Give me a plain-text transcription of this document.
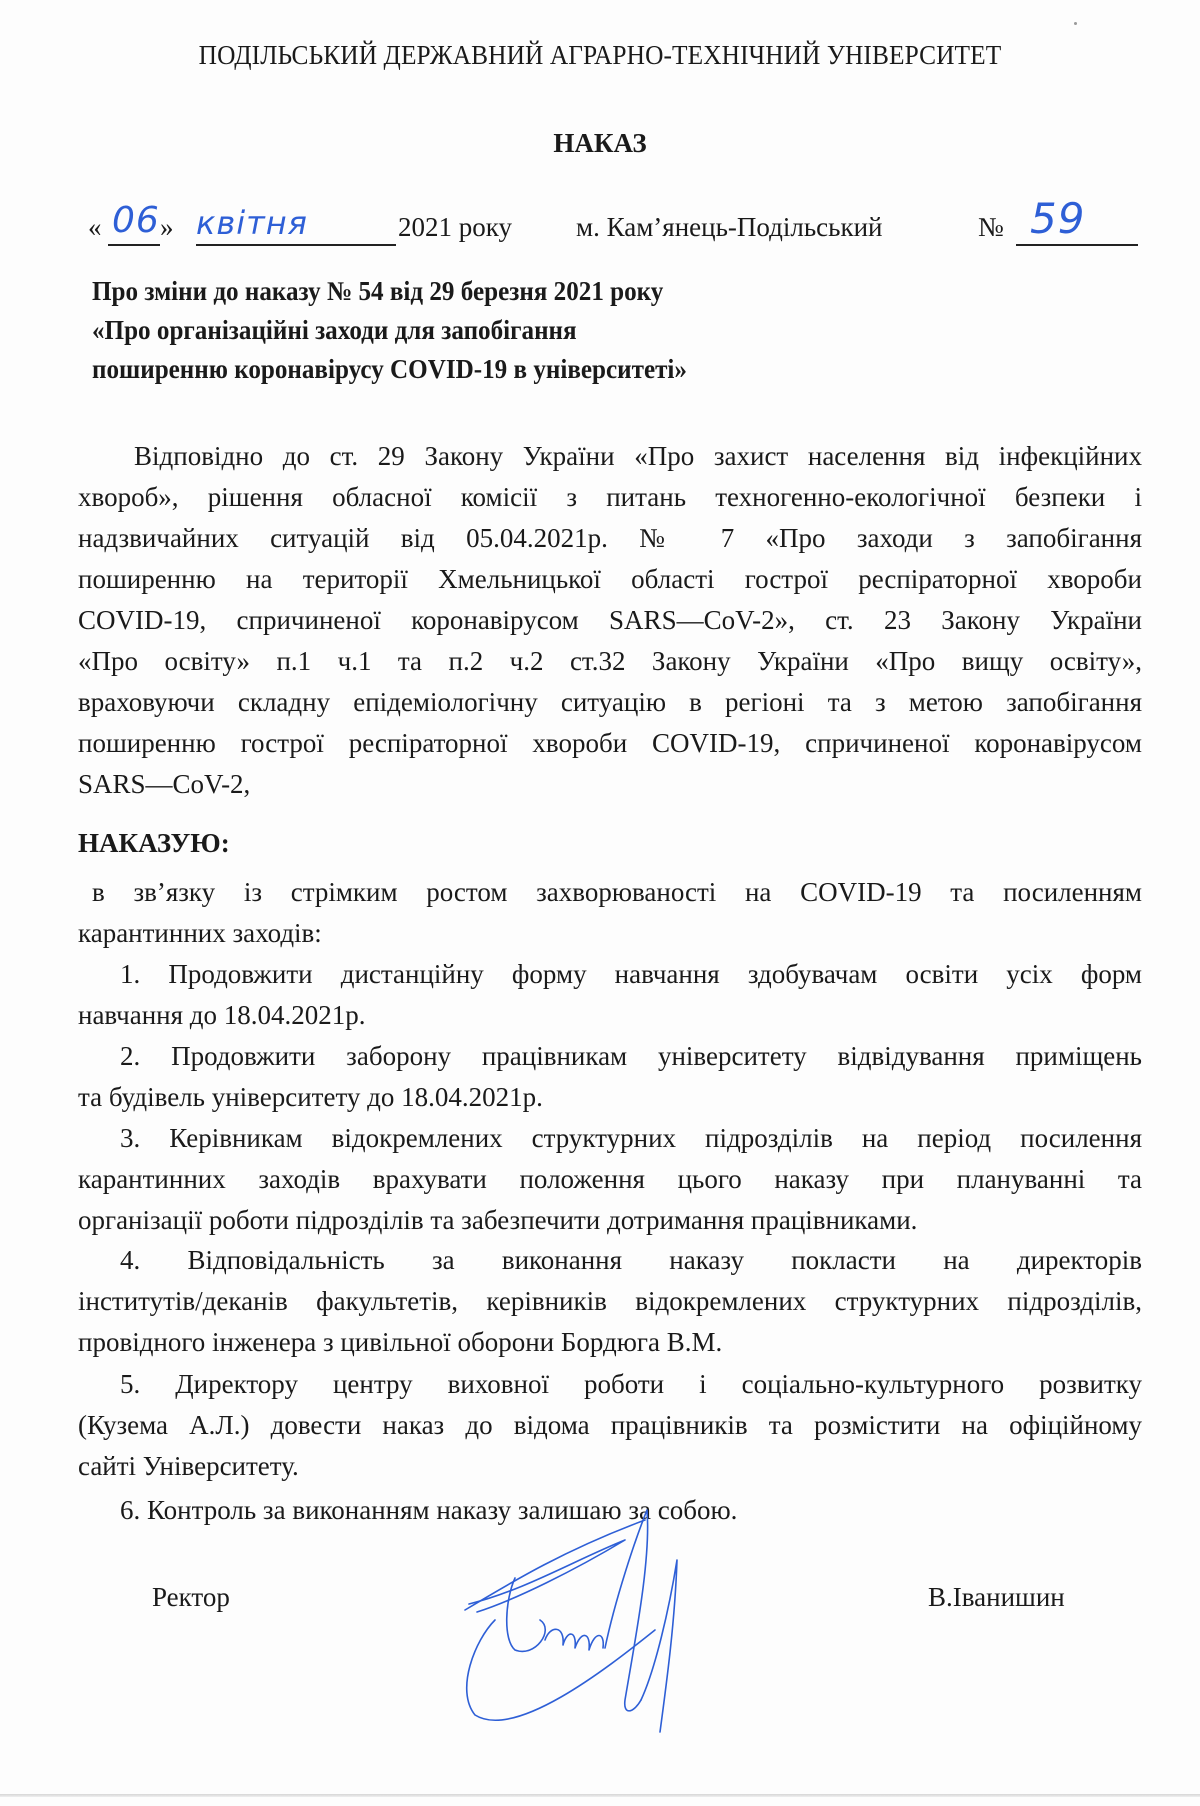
ПОДІЛЬСЬКИЙ ДЕРЖАВНИЙ АГРАРНО-ТЕХНІЧНИЙ УНІВЕРСИТЕТ
НАКАЗ
« 06 » квітня	2021 року м. Кам’янець-Подільський	№ 59
Про зміни до наказу № 54 від 29 березня 2021 року
«Про організаційні заходи для запобігання
поширенню коронавірусу COVID-19 в університеті»
Відповідно до ст. 29 Закону України «Про захист населення від інфекційних
хвороб», рішення обласної комісії з питань техногенно-екологічної безпеки і
надзвичайних ситуацій від 05.04.2021р. № 7 «Про заходи з запобігання
поширенню на території Хмельницької області гострої респіраторної хвороби
COVID-19, спричиненої коронавірусом SARS—CoV-2», ст. 23 Закону України
«Про освіту» п.1 ч.1 та п.2 ч.2 ст.32 Закону України «Про вищу освіту»,
враховуючи складну епідеміологічну ситуацію в регіоні та з метою запобігання
поширенню гострої респіраторної хвороби COVID-19, спричиненої коронавірусом
SARS—CoV-2,
НАКАЗУЮ:
в зв’язку із стрімким ростом захворюваності на COVID-19 та посиленням
карантинних заходів:
1. Продовжити дистанційну форму навчання здобувачам освіти усіх форм
навчання до 18.04.2021р.
2. Продовжити заборону працівникам університету відвідування приміщень
та будівель університету до 18.04.2021р.
3. Керівникам відокремлених структурних підрозділів на період посилення
карантинних заходів врахувати положення цього наказу при плануванні та
організації роботи підрозділів та забезпечити дотримання працівниками.
4. Відповідальність за виконання наказу покласти на директорів
інститутів/деканів факультетів, керівників відокремлених структурних підрозділів,
провідного інженера з цивільної оборони Бордюга В.М.
5. Директору центру виховної роботи і соціально-культурного розвитку
(Кузема А.Л.) довести наказ до відома працівників та розмістити на офіційному
сайті Університету.
6. Контроль за виконанням наказу залишаю за собою.
Ректор	В.Іванишин
